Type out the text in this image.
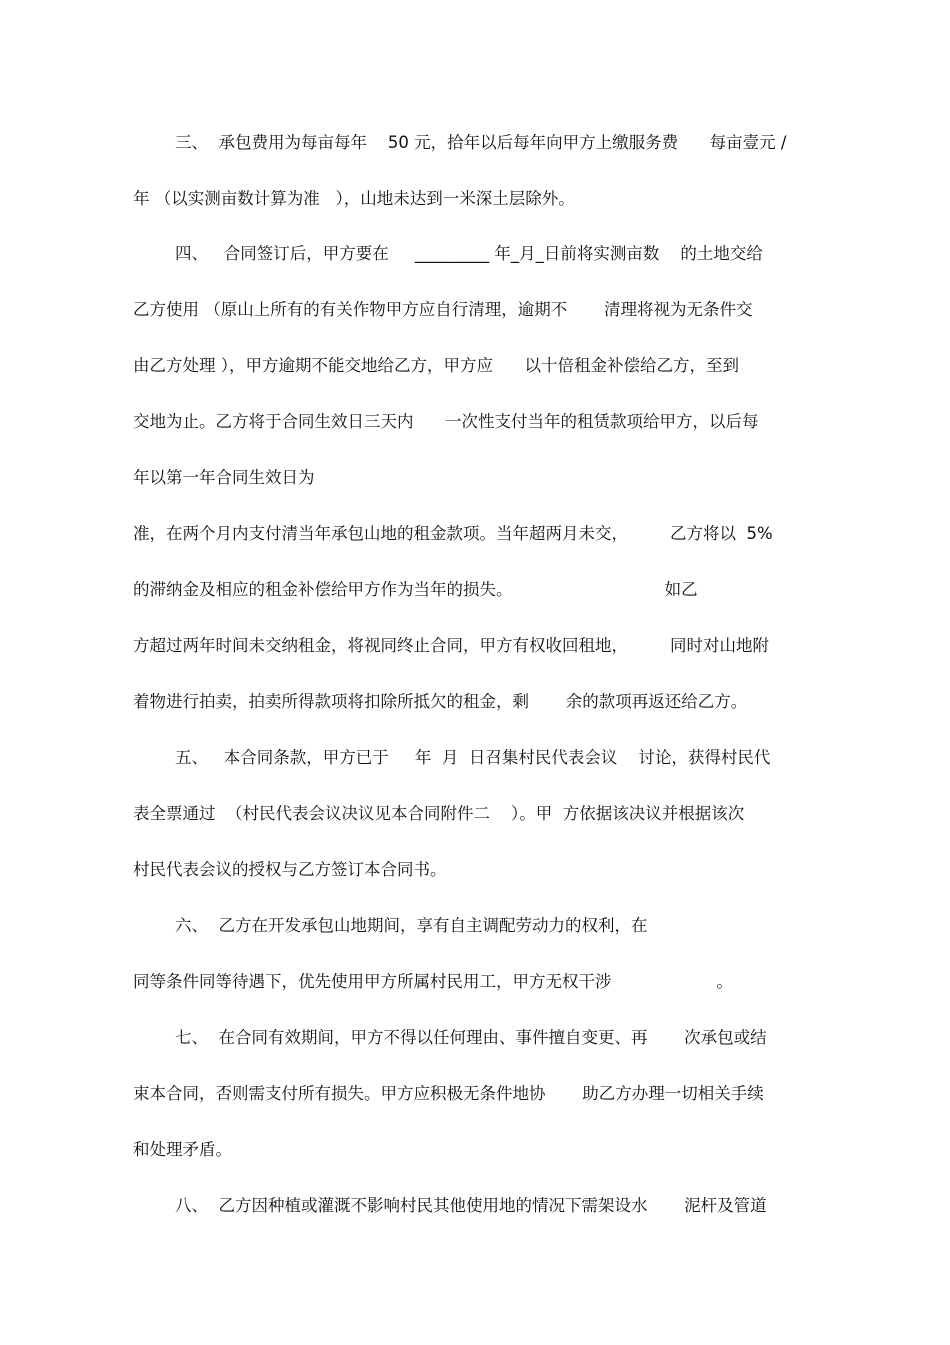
三、  承包费用为每亩每年    50 元，拾年以后每年向甲方上缴服务费      每亩壹元 /
年 （以实测亩数计算为准   ），山地未达到一米深土层除外。
四、   合同签订后，甲方要在     _________ 年_月_日前将实测亩数    的土地交给
乙方使用 （原山上所有的有关作物甲方应自行清理，逾期不       清理将视为无条件交
由乙方处理 ），甲方逾期不能交地给乙方，甲方应      以十倍租金补偿给乙方，至到
交地为止。乙方将于合同生效日三天内      一次性支付当年的租赁款项给甲方，以后每
年以第一年合同生效日为
准，在两个月内支付清当年承包山地的租金款项。当年超两月未交，        乙方将以  5%
的滞纳金及相应的租金补偿给甲方作为当年的损失。                             如乙
方超过两年时间未交纳租金，将视同终止合同，甲方有权收回租地，        同时对山地附
着物进行拍卖，拍卖所得款项将扣除所抵欠的租金，剩       余的款项再返还给乙方。
五、   本合同条款，甲方已于     年  月  日召集村民代表会议    讨论，获得村民代
表全票通过  （村民代表会议决议见本合同附件二    ）。甲  方依据该决议并根据该次
村民代表会议的授权与乙方签订本合同书。
六、  乙方在开发承包山地期间，享有自主调配劳动力的权利，在
同等条件同等待遇下，优先使用甲方所属村民用工，甲方无权干涉                    。
七、  在合同有效期间，甲方不得以任何理由、事件擅自变更、再       次承包或结
束本合同，否则需支付所有损失。甲方应积极无条件地协       助乙方办理一切相关手续
和处理矛盾。
八、  乙方因种植或灌溉不影响村民其他使用地的情况下需架设水       泥杆及管道
